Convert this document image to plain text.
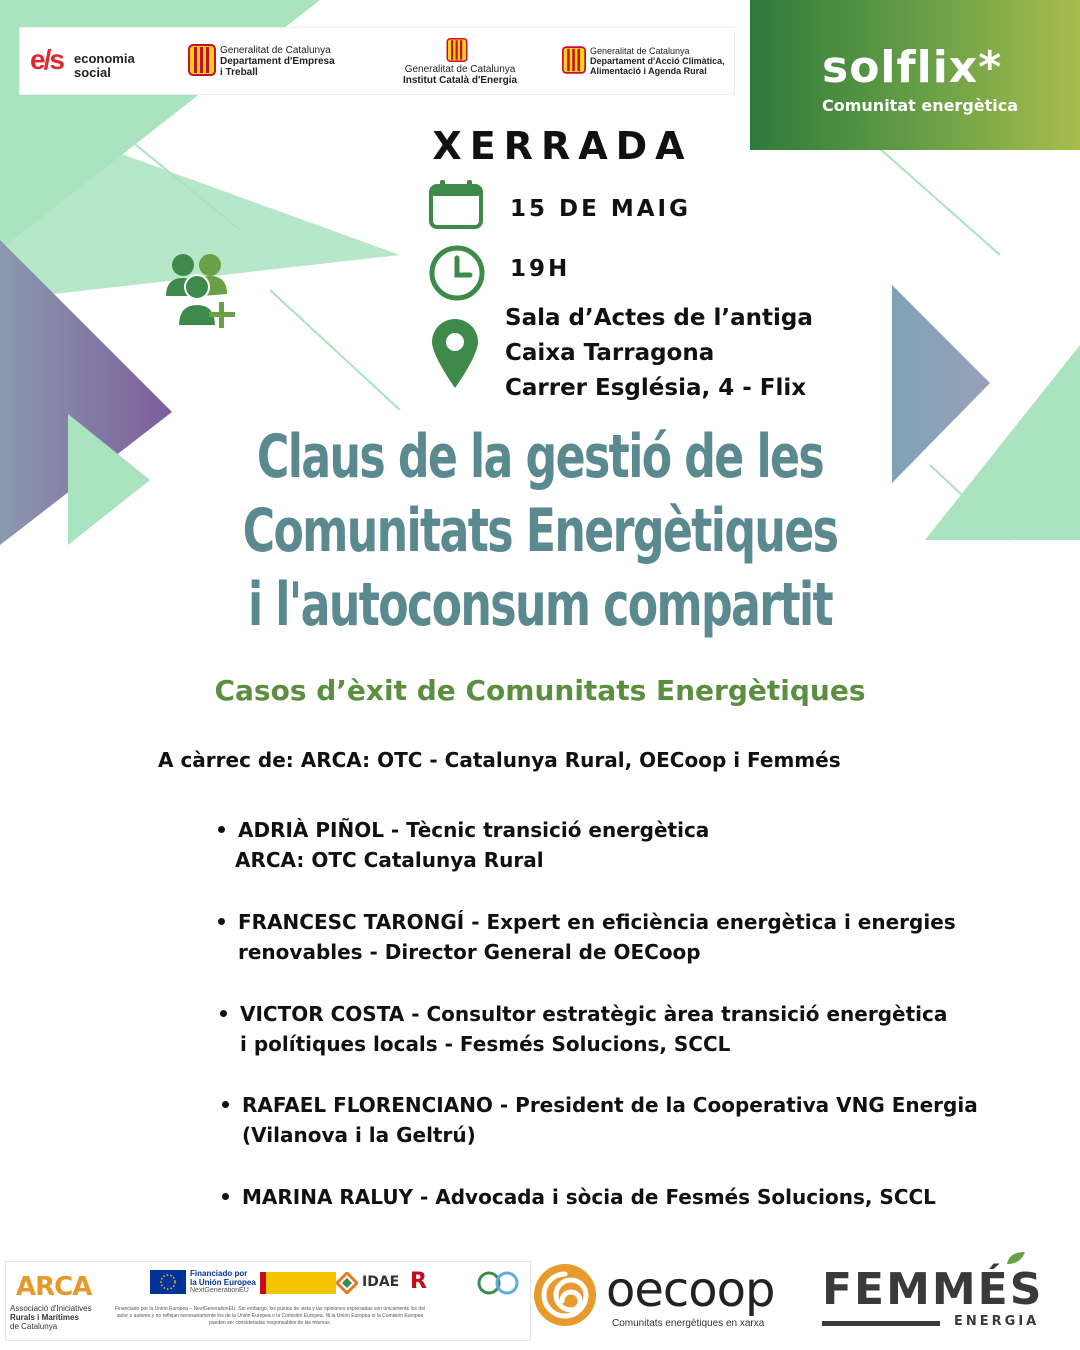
e/s economia
social
Generalitat de Catalunya
Departament d'Empresa
i Treball	Generalitat de Catalunya
Institut Català d'Energia
Generalitat de Catalunya
Departament d'Acció Climàtica,
Alimentació i Agenda Rural	solflix*
Comunitat energètica
XERRADA
15 DE MAIG
19H
Sala d’Actes de l’antiga
Caixa Tarragona
Carrer Església, 4 - Flix
Claus de la gestió de les
Comunitats Energètiques
i l'autoconsum compartit
Casos d’èxit de Comunitats Energètiques
A càrrec de: ARCA: OTC - Catalunya Rural, OECoop i Femmés
ADRIÀ PIÑOL - Tècnic transició energètica
ARCA: OTC Catalunya Rural
FRANCESC TARONGÍ - Expert en eficiència energètica i energies
renovables - Director General de OECoop
VICTOR COSTA - Consultor estratègic àrea transició energètica
i polítiques locals - Fesmés Solucions, SCCL
RAFAEL FLORENCIANO - President de la Cooperativa VNG Energia
(Vilanova i la Geltrú)
MARINA RALUY - Advocada i sòcia de Fesmés Solucions, SCCL
ARCA
Associació d'Iniciatives
Rurals i Marítimes
de Catalunya
Financiado por
la Unión Europea
NextGenerationEU
IDAE R
Financiado por la Unión Europea – NextGenerationEU. Sin embargo, los puntos de vista y las opiniones expresadas son únicamente los del autor o autores y no reflejan necesariamente los de la Unión Europea o la Comisión Europea. Ni la Unión Europea ni la Comisión Europea pueden ser consideradas responsables de las mismas.
oecoop
Comunitats energètiques en xarxa
FEMMÉS
ENERGIA
